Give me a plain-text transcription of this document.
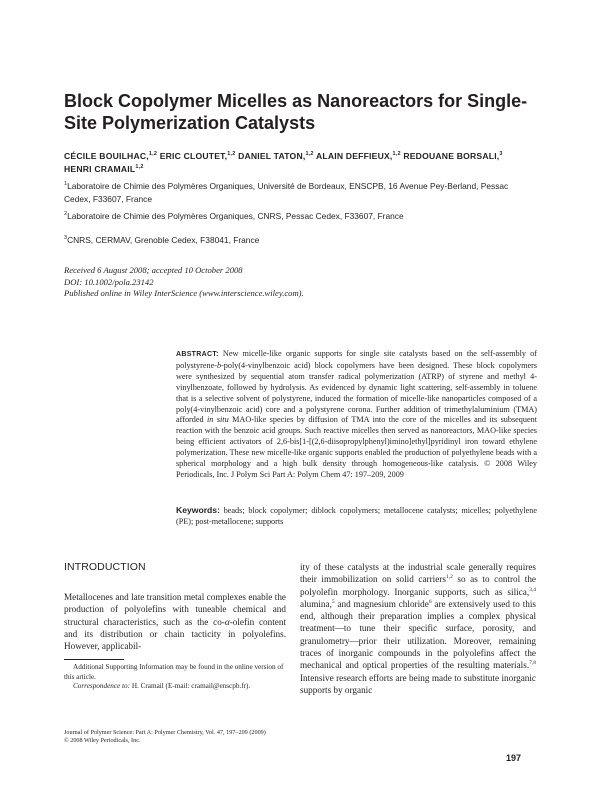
Block Copolymer Micelles as Nanoreactors for Single-Site Polymerization Catalysts
CÉCILE BOUILHAC,$^{1,2}$ ERIC CLOUTET,$^{1,2}$ DANIEL TATON,$^{1,2}$ ALAIN DEFFIEUX,$^{1,2}$ REDOUANE BORSALI,$^3$
HENRI CRAMAIL$^{1,2}$
$^1$Laboratoire de Chimie des Polymères Organiques, Université de Bordeaux, ENSCPB, 16 Avenue Pey-Berland, Pessac Cedex, F33607, France
$^2$Laboratoire de Chimie des Polymères Organiques, CNRS, Pessac Cedex, F33607, France
$^3$CNRS, CERMAV, Grenoble Cedex, F38041, France
Received 6 August 2008; accepted 10 October 2008
DOI: 10.1002/pola.23142
Published online in Wiley InterScience (www.interscience.wiley.com).
ABSTRACT: New micelle-like organic supports for single site catalysts based on the self-assembly of polystyrene-b-poly(4-vinylbenzoic acid) block copolymers have been designed. These block copolymers were synthesized by sequential atom transfer radical polymerization (ATRP) of styrene and methyl 4-vinylbenzoate, followed by hydrolysis. As evidenced by dynamic light scattering, self-assembly in toluene that is a selective solvent of polystyrene, induced the formation of micelle-like nanoparticles composed of a poly(4-vinylbenzoic acid) core and a polystyrene corona. Further addition of trimethylaluminium (TMA) afforded in situ MAO-like species by diffusion of TMA into the core of the micelles and its subsequent reaction with the benzoic acid groups. Such reactive micelles then served as nanoreactors, MAO-like species being efficient activators of 2,6-bis[1-[(2,6-diisopropylphenyl)imino]ethyl]pyridinyl iron toward ethylene polymerization. These new micelle-like organic supports enabled the production of polyethylene beads with a spherical morphology and a high bulk density through homogeneous-like catalysis. © 2008 Wiley Periodicals, Inc. J Polym Sci Part A: Polym Chem 47: 197–209, 2009
Keywords: beads; block copolymer; diblock copolymers; metallocene catalysts; micelles; polyethylene (PE); post-metallocene; supports
INTRODUCTION
Metallocenes and late transition metal complexes enable the production of polyolefins with tuneable chemical and structural characteristics, such as the co-α-olefin content and its distribution or chain tacticity in polyolefins. However, applicabil-
ity of these catalysts at the industrial scale generally requires their immobilization on solid carriers$^{1,2}$ so as to control the polyolefin morphology. Inorganic supports, such as silica,$^{3,4}$ alumina,$^5$ and magnesium chloride$^6$ are extensively used to this end, although their preparation implies a complex physical treatment—to tune their specific surface, porosity, and granulometry—prior their utilization. Moreover, remaining traces of inorganic compounds in the polyolefins affect the mechanical and optical properties of the resulting materials.$^{7,8}$ Intensive research efforts are being made to substitute inorganic supports by organic

Additional Supporting Information may be found in the online version of this article.

Correspondence to: H. Cramail (E-mail: cramail@enscpb.fr).

Journal of Polymer Science: Part A: Polymer Chemistry, Vol. 47, 197–209 (2009)
© 2008 Wiley Periodicals, Inc.
197
